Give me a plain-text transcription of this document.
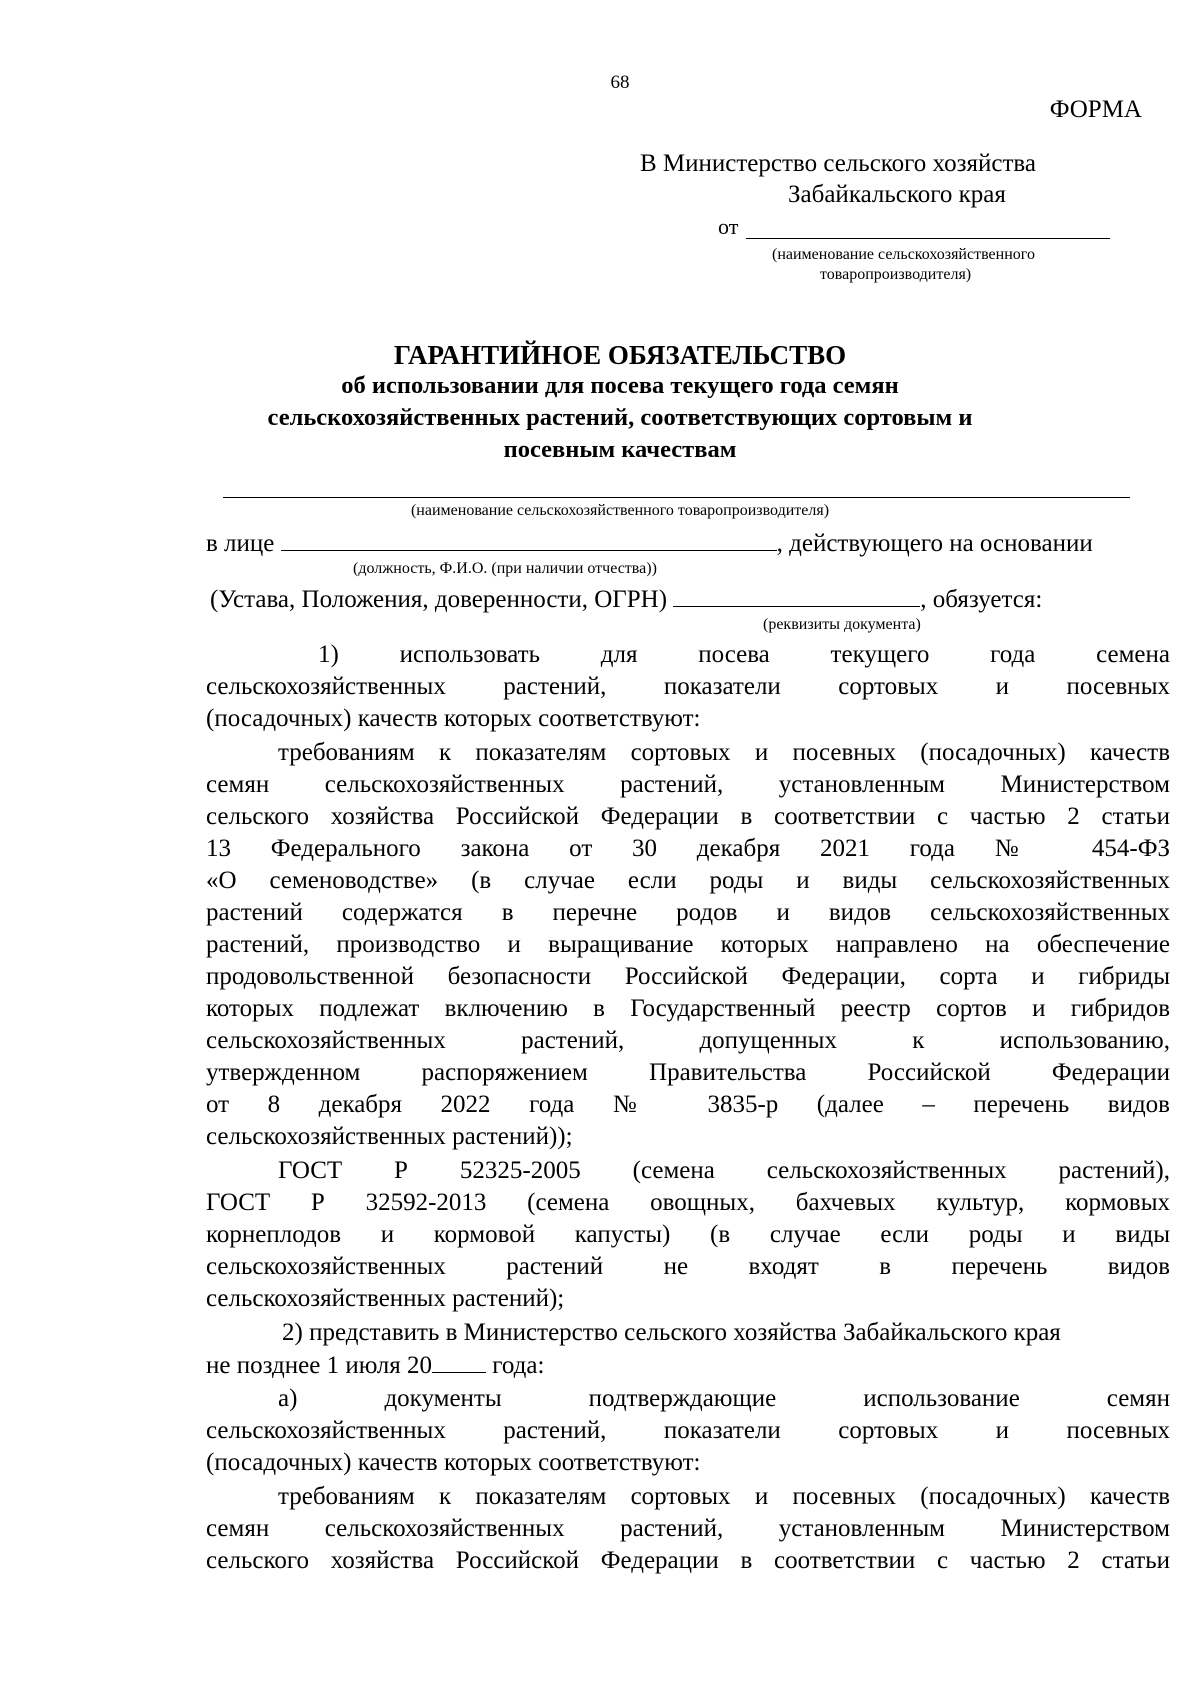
68
ФОРМА
В Министерство сельского хозяйства
Забайкальского края
от
(наименование сельскохозяйственного
товаропроизводителя)
ГАРАНТИЙНОЕ ОБЯЗАТЕЛЬСТВО
об использовании для посева текущего года семян
сельскохозяйственных растений, соответствующих сортовым и
посевным качествам
(наименование сельскохозяйственного товаропроизводителя)
в лице	, действующего на основании
(должность, Ф.И.О. (при наличии отчества))
(Устава, Положения, доверенности, ОГРН)	, обязуется:
(реквизиты документа)
1) использовать для посева текущего года семена
сельскохозяйственных растений, показатели сортовых и посевных
(посадочных) качеств которых соответствуют:
требованиям к показателям сортовых и посевных (посадочных) качеств
семян сельскохозяйственных растений, установленным Министерством
сельского хозяйства Российской Федерации в соответствии с частью 2 статьи
13 Федерального закона от 30 декабря 2021 года № 454-ФЗ
«О семеноводстве» (в случае если роды и виды сельскохозяйственных
растений содержатся в перечне родов и видов сельскохозяйственных
растений, производство и выращивание которых направлено на обеспечение
продовольственной безопасности Российской Федерации, сорта и гибриды
которых подлежат включению в Государственный реестр сортов и гибридов
сельскохозяйственных растений, допущенных к использованию,
утвержденном распоряжением Правительства Российской Федерации
от 8 декабря 2022 года № 3835-р (далее – перечень видов
сельскохозяйственных растений));
ГОСТ Р 52325-2005 (семена сельскохозяйственных растений),
ГОСТ Р 32592-2013 (семена овощных, бахчевых культур, кормовых
корнеплодов и кормовой капусты) (в случае если роды и виды
сельскохозяйственных растений не входят в перечень видов
сельскохозяйственных растений);
2) представить в Министерство сельского хозяйства Забайкальского края
не позднее 1 июля 20 года:
а) документы подтверждающие использование семян
сельскохозяйственных растений, показатели сортовых и посевных
(посадочных) качеств которых соответствуют:
требованиям к показателям сортовых и посевных (посадочных) качеств
семян сельскохозяйственных растений, установленным Министерством
сельского хозяйства Российской Федерации в соответствии с частью 2 статьи
